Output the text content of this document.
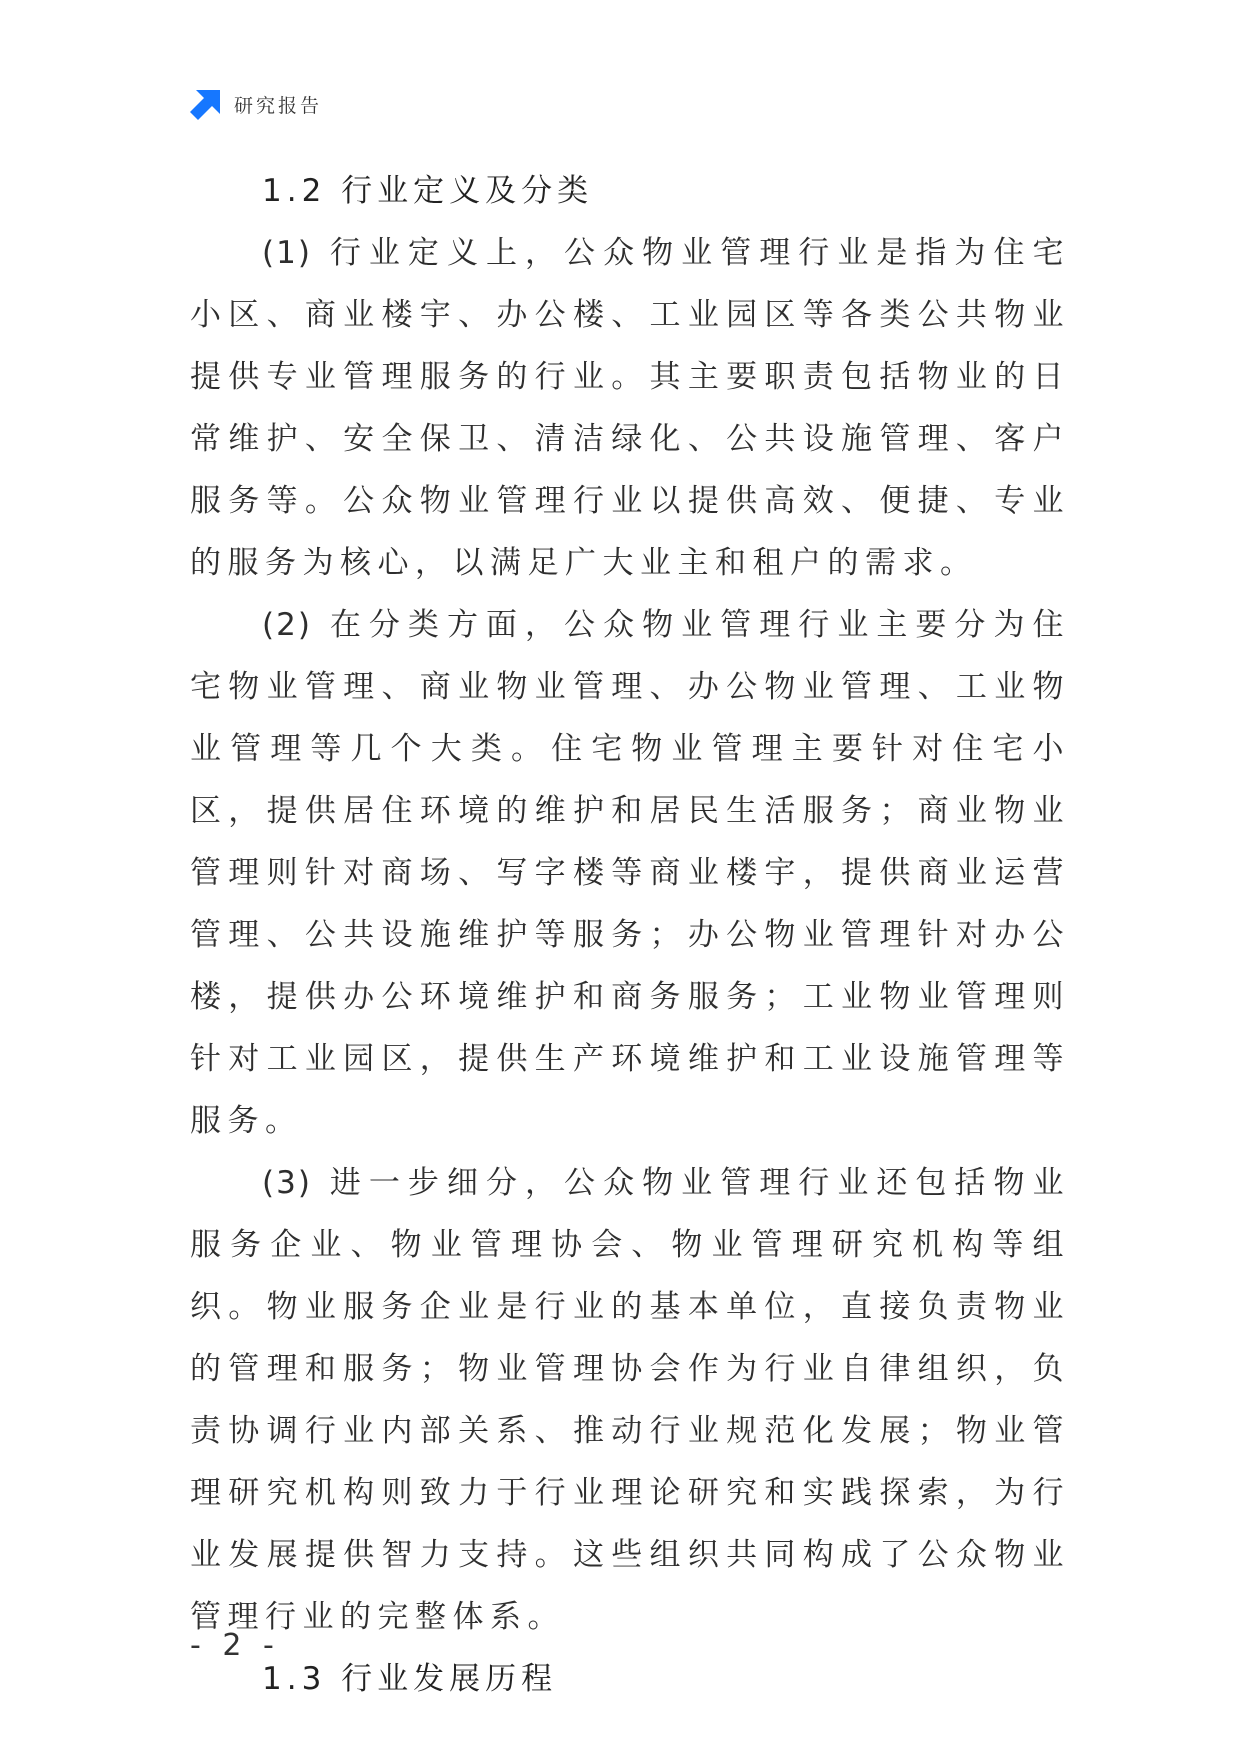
研究报告
1.2 行业定义及分类

(1) 行业定义上，公众物业管理行业是指为住宅小区、商业楼宇、办公楼、工业园区等各类公共物业提供专业管理服务的行业。其主要职责包括物业的日常维护、安全保卫、清洁绿化、公共设施管理、客户服务等。公众物业管理行业以提供高效、便捷、专业的服务为核心，以满足广大业主和租户的需求。

(2) 在分类方面，公众物业管理行业主要分为住宅物业管理、商业物业管理、办公物业管理、工业物业管理等几个大类。住宅物业管理主要针对住宅小区，提供居住环境的维护和居民生活服务；商业物业管理则针对商场、写字楼等商业楼宇，提供商业运营管理、公共设施维护等服务；办公物业管理针对办公楼，提供办公环境维护和商务服务；工业物业管理则针对工业园区，提供生产环境维护和工业设施管理等服务。

(3) 进一步细分，公众物业管理行业还包括物业服务企业、物业管理协会、物业管理研究机构等组织。物业服务企业是行业的基本单位，直接负责物业的管理和服务；物业管理协会作为行业自律组织，负责协调行业内部关系、推动行业规范化发展；物业管理研究机构则致力于行业理论研究和实践探索，为行业发展提供智力支持。这些组织共同构成了公众物业管理行业的完整体系。

1.3 行业发展历程
- 2 -
